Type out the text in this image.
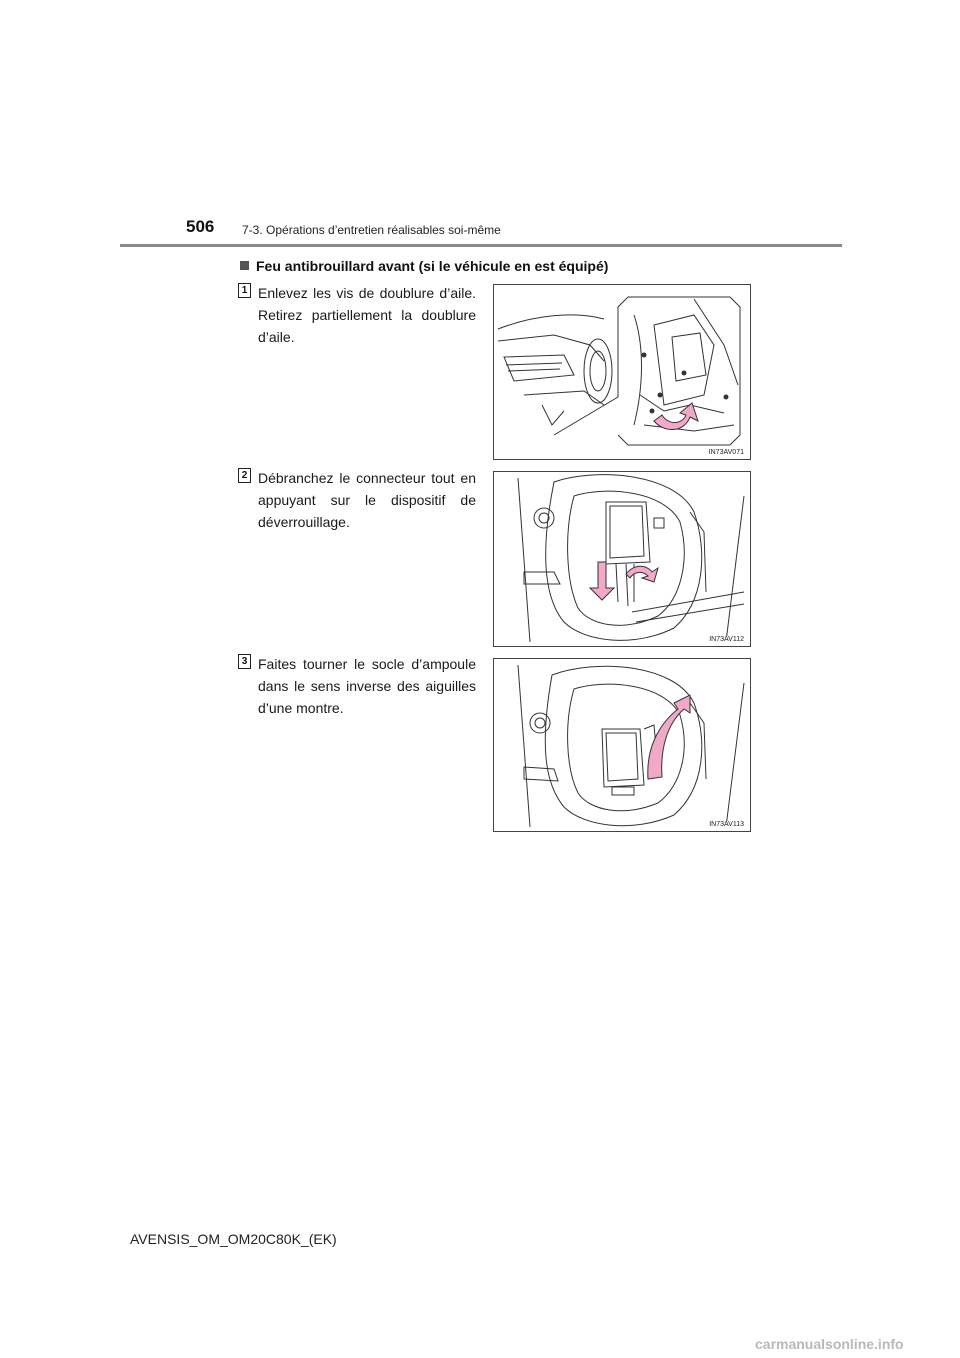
506 7-3. Opérations d’entretien réalisables soi-même
Feu antibrouillard avant (si le véhicule en est équipé)
1 Enlevez les vis de doublure d’aile. Retirez partiellement la doublure d’aile.
IN73AV071
2 Débranchez le connecteur tout en appuyant sur le dispositif de déverrouillage.
IN73AV112
3 Faites tourner le socle d’ampoule dans le sens inverse des aiguilles d’une montre.
IN73AV113
AVENSIS_OM_OM20C80K_(EK)
carmanualsonline.info
